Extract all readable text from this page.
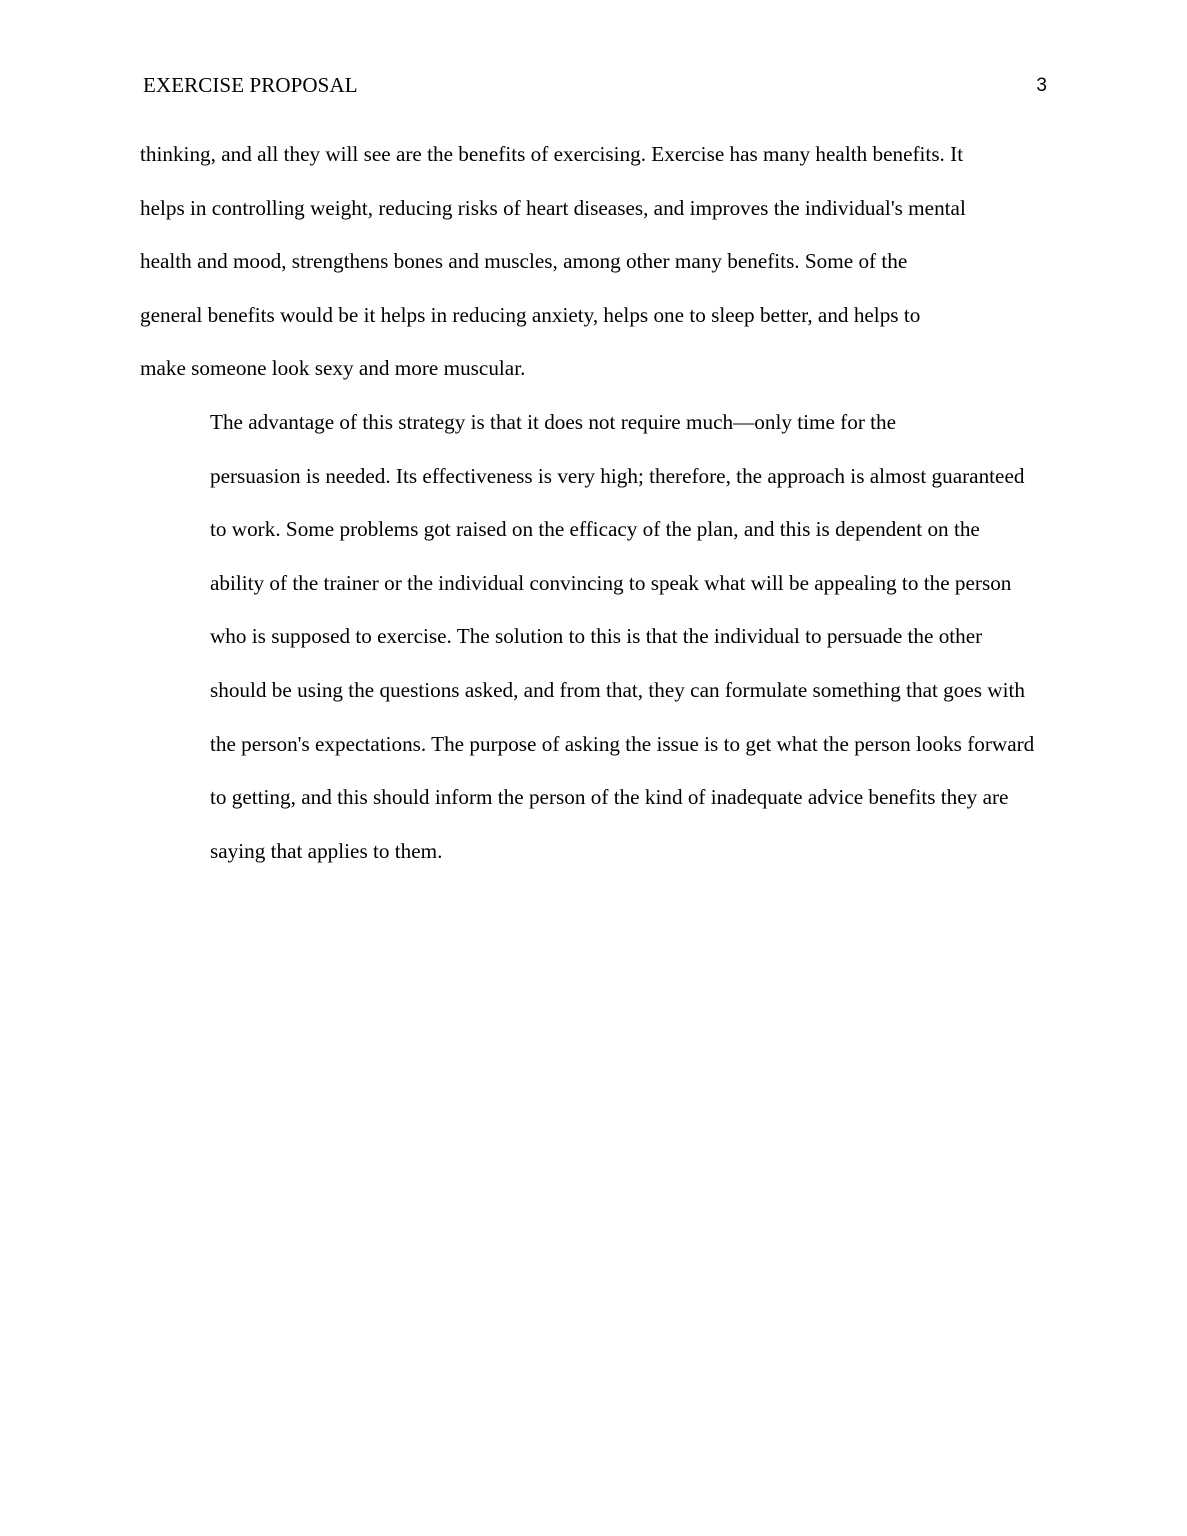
EXERCISE PROPOSAL	3

thinking, and all they will see are the benefits of exercising. Exercise has many health benefits. It
helps in controlling weight, reducing risks of heart diseases, and improves the individual's mental
health and mood, strengthens bones and muscles, among other many benefits. Some of the
general benefits would be it helps in reducing anxiety, helps one to sleep better, and helps to
make someone look sexy and more muscular.

The advantage of this strategy is that it does not require much—only time for the
persuasion is needed. Its effectiveness is very high; therefore, the approach is almost guaranteed
to work. Some problems got raised on the efficacy of the plan, and this is dependent on the
ability of the trainer or the individual convincing to speak what will be appealing to the person
who is supposed to exercise. The solution to this is that the individual to persuade the other
should be using the questions asked, and from that, they can formulate something that goes with
the person's expectations. The purpose of asking the issue is to get what the person looks forward
to getting, and this should inform the person of the kind of inadequate advice benefits they are
saying that applies to them.
